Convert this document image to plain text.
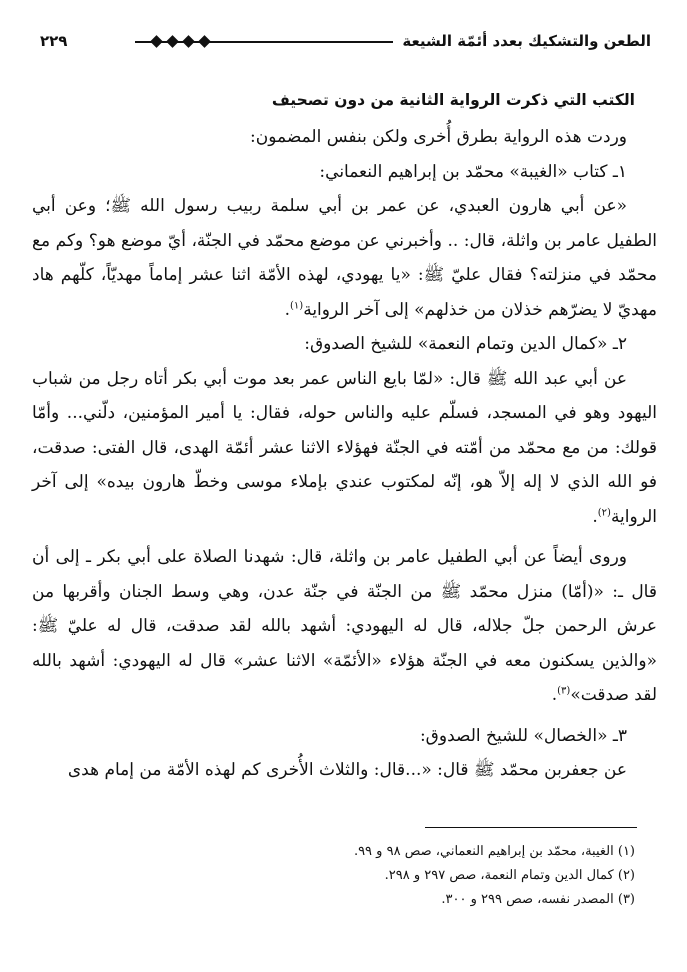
الطعن والتشكيك بعدد أئمّة الشيعة
٢٢٩

الكتب التي ذكرت الرواية الثانية من دون تصحيف

وردت هذه الرواية بطرق أُخرى ولكن بنفس المضمون:

١ـ كتاب «الغيبة» محمّد بن إبراهيم النعماني:

«عن أبي هارون العبدي، عن عمر بن أبي سلمة ربيب رسول الله ﷺ؛ وعن أبي الطفيل عامر بن واثلة، قال: .. وأخبرني عن موضع محمّد في الجنّة، أيّ موضع هو؟ وكم مع محمّد في منزلته؟ فقال عليّ ﷺ: «يا يهودي، لهذه الأمّة اثنا عشر إماماً مهديّاً، كلّهم هاد مهديّ لا يضرّهم خذلان من خذلهم» إلى آخر الرواية$^{(١)}$.

٢ـ «كمال الدين وتمام النعمة» للشيخ الصدوق:

عن أبي عبد الله ﷺ قال: «لمّا بايع الناس عمر بعد موت أبي بكر أتاه رجل من شباب اليهود وهو في المسجد، فسلّم عليه والناس حوله، فقال: يا أمير المؤمنين، دلّني... وأمّا قولك: من مع محمّد من أمّته في الجنّة فهؤلاء الاثنا عشر أئمّة الهدى، قال الفتى: صدقت، فو الله الذي لا إله إلاّ هو، إنّه لمكتوب عندي بإملاء موسى وخطّ هارون بيده» إلى آخر الرواية$^{(٢)}$.

وروى أيضاً عن أبي الطفيل عامر بن واثلة، قال: شهدنا الصلاة على أبي بكر ـ إلى أن قال ـ: «(أمّا) منزل محمّد ﷺ من الجنّة في جنّة عدن، وهي وسط الجنان وأقربها من عرش الرحمن جلّ جلاله، قال له اليهودي: أشهد بالله لقد صدقت، قال له عليّ ﷺ: «والذين يسكنون معه في الجنّة هؤلاء «الأئمّة» الاثنا عشر» قال له اليهودي: أشهد بالله لقد صدقت»$^{(٣)}$.

٣ـ «الخصال» للشيخ الصدوق:

عن جعفربن محمّد ﷺ قال: «...قال: والثلاث الأُخرى كم لهذه الأمّة من إمام هدى

(١) الغيبة، محمّد بن إبراهيم النعماني، صص ٩٨ و ٩٩.

(٢) كمال الدين وتمام النعمة، صص ٢٩٧ و ٢٩٨.

(٣) المصدر نفسه، صص ٢٩٩ و ٣٠٠.
